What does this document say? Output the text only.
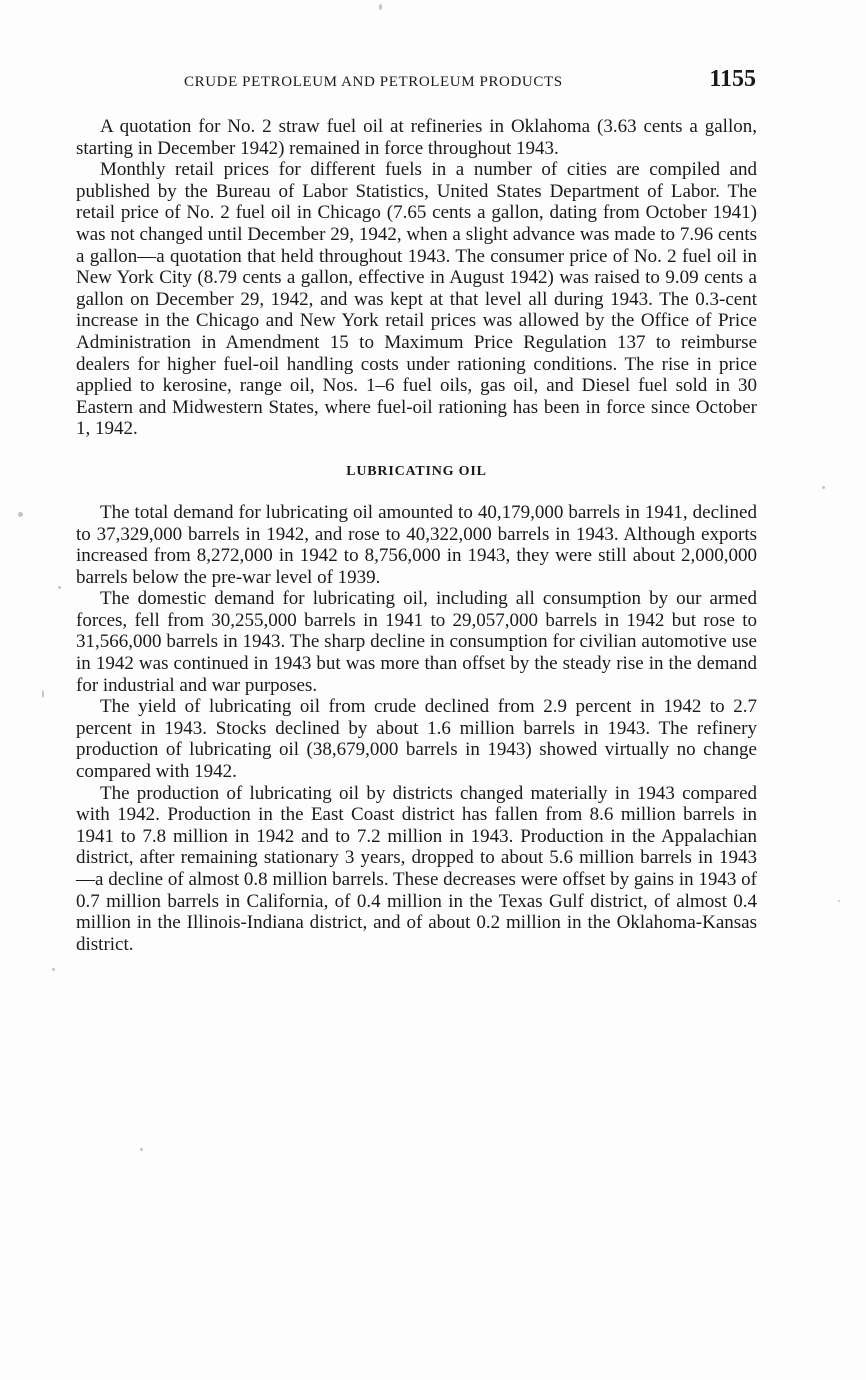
CRUDE PETROLEUM AND PETROLEUM PRODUCTS	1155

A quotation for No. 2 straw fuel oil at refineries in Oklahoma (3.63 cents a gallon, starting in December 1942) remained in force throughout 1943.

Monthly retail prices for different fuels in a number of cities are compiled and published by the Bureau of Labor Statistics, United States Department of Labor. The retail price of No. 2 fuel oil in Chicago (7.65 cents a gallon, dating from October 1941) was not changed until December 29, 1942, when a slight advance was made to 7.96 cents a gallon—a quotation that held throughout 1943. The consumer price of No. 2 fuel oil in New York City (8.79 cents a gallon, effective in August 1942) was raised to 9.09 cents a gallon on December 29, 1942, and was kept at that level all during 1943. The 0.3-cent increase in the Chicago and New York retail prices was allowed by the Office of Price Administration in Amendment 15 to Maximum Price Regulation 137 to reimburse dealers for higher fuel-oil handling costs under rationing conditions. The rise in price applied to kerosine, range oil, Nos. 1–6 fuel oils, gas oil, and Diesel fuel sold in 30 Eastern and Midwestern States, where fuel-oil rationing has been in force since October 1, 1942.

LUBRICATING OIL

The total demand for lubricating oil amounted to 40,179,000 barrels in 1941, declined to 37,329,000 barrels in 1942, and rose to 40,322,000 barrels in 1943. Although exports increased from 8,272,000 in 1942 to 8,756,000 in 1943, they were still about 2,000,000 barrels below the pre-war level of 1939.

The domestic demand for lubricating oil, including all consumption by our armed forces, fell from 30,255,000 barrels in 1941 to 29,057,000 barrels in 1942 but rose to 31,566,000 barrels in 1943. The sharp decline in consumption for civilian automotive use in 1942 was continued in 1943 but was more than offset by the steady rise in the demand for industrial and war purposes.

The yield of lubricating oil from crude declined from 2.9 percent in 1942 to 2.7 percent in 1943. Stocks declined by about 1.6 million barrels in 1943. The refinery production of lubricating oil (38,679,000 barrels in 1943) showed virtually no change compared with 1942.

The production of lubricating oil by districts changed materially in 1943 compared with 1942. Production in the East Coast district has fallen from 8.6 million barrels in 1941 to 7.8 million in 1942 and to 7.2 million in 1943. Production in the Appalachian district, after remaining stationary 3 years, dropped to about 5.6 million barrels in 1943—a decline of almost 0.8 million barrels. These decreases were offset by gains in 1943 of 0.7 million barrels in California, of 0.4 million in the Texas Gulf district, of almost 0.4 million in the Illinois-Indiana district, and of about 0.2 million in the Oklahoma-Kansas district.
